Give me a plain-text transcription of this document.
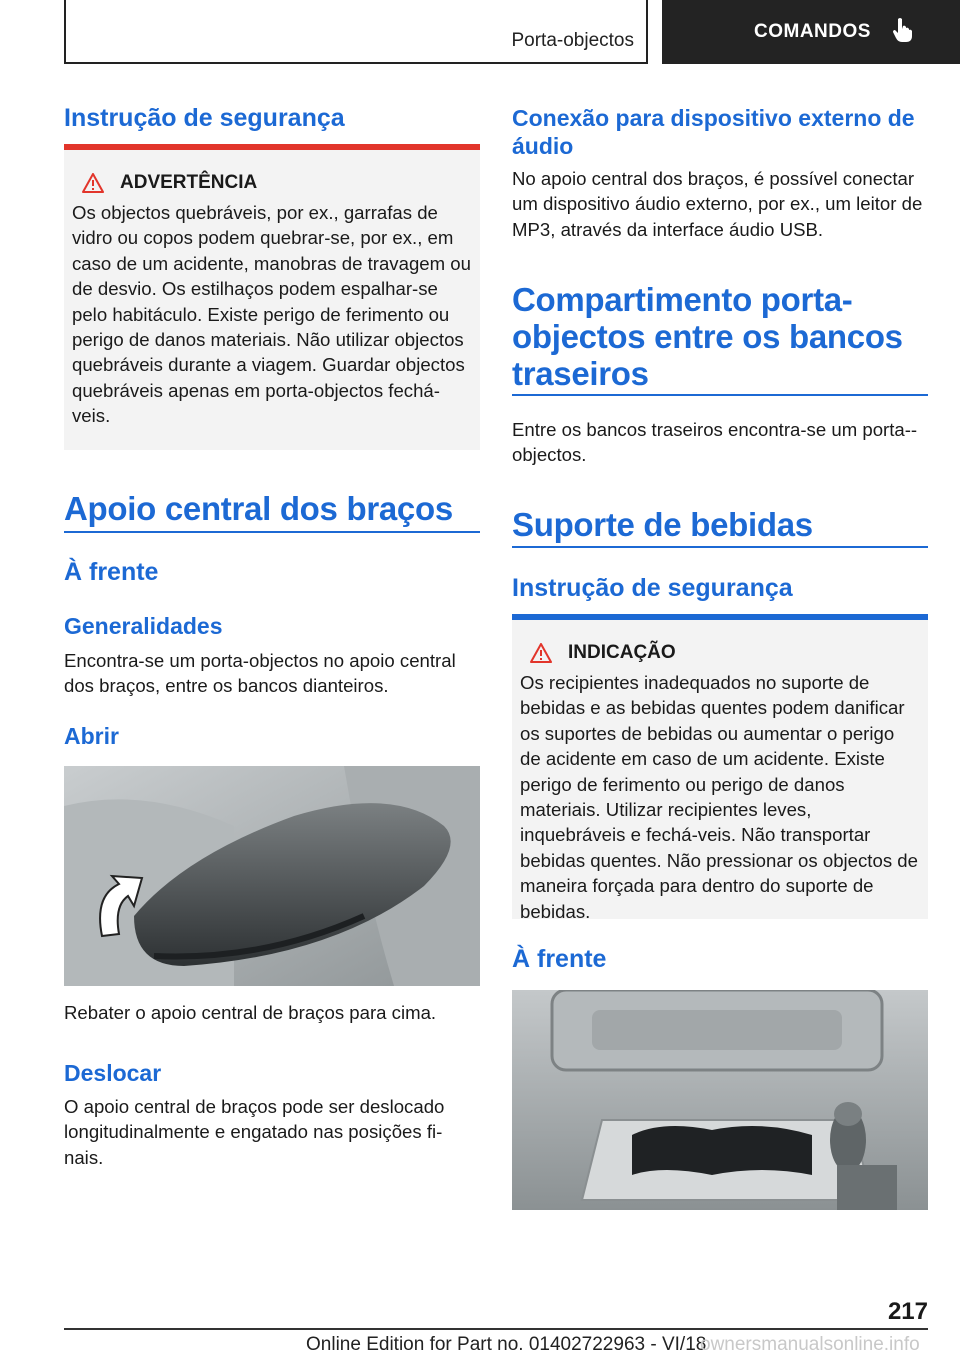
Porta-objectos	COMANDOS
Instrução de segurança
ADVERTÊNCIA
Os objectos quebráveis, por ex., garrafas de vidro ou copos podem quebrar-se, por ex., em caso de um acidente, manobras de travagem ou de desvio. Os estilhaços podem espalhar-se pelo habitáculo. Existe perigo de ferimento ou perigo de danos materiais. Não utilizar objectos quebráveis durante a viagem. Guardar objectos quebráveis apenas em porta-objectos fechá-veis.
Apoio central dos braços
À frente
Generalidades

Encontra-se um porta-objectos no apoio central dos braços, entre os bancos dianteiros.

Abrir

Rebater o apoio central de braços para cima.

Deslocar

O apoio central de braços pode ser deslocado longitudinalmente e engatado nas posições fi-nais.

Conexão para dispositivo externo de áudio

No apoio central dos braços, é possível conectar um dispositivo áudio externo, por ex., um leitor de MP3, através da interface áudio USB.

Compartimento porta-objectos entre os bancos traseiros

Entre os bancos traseiros encontra-se um porta--objectos.

Suporte de bebidas
Instrução de segurança
INDICAÇÃO
Os recipientes inadequados no suporte de bebidas e as bebidas quentes podem danificar os suportes de bebidas ou aumentar o perigo de acidente em caso de um acidente. Existe perigo de ferimento ou perigo de danos materiais. Utilizar recipientes leves, inquebráveis e fechá-veis. Não transportar bebidas quentes. Não pressionar os objectos de maneira forçada para dentro do suporte de bebidas.
À frente
217
Online Edition for Part no. 01402722963 - VI/18
ownersmanualsonline.info
